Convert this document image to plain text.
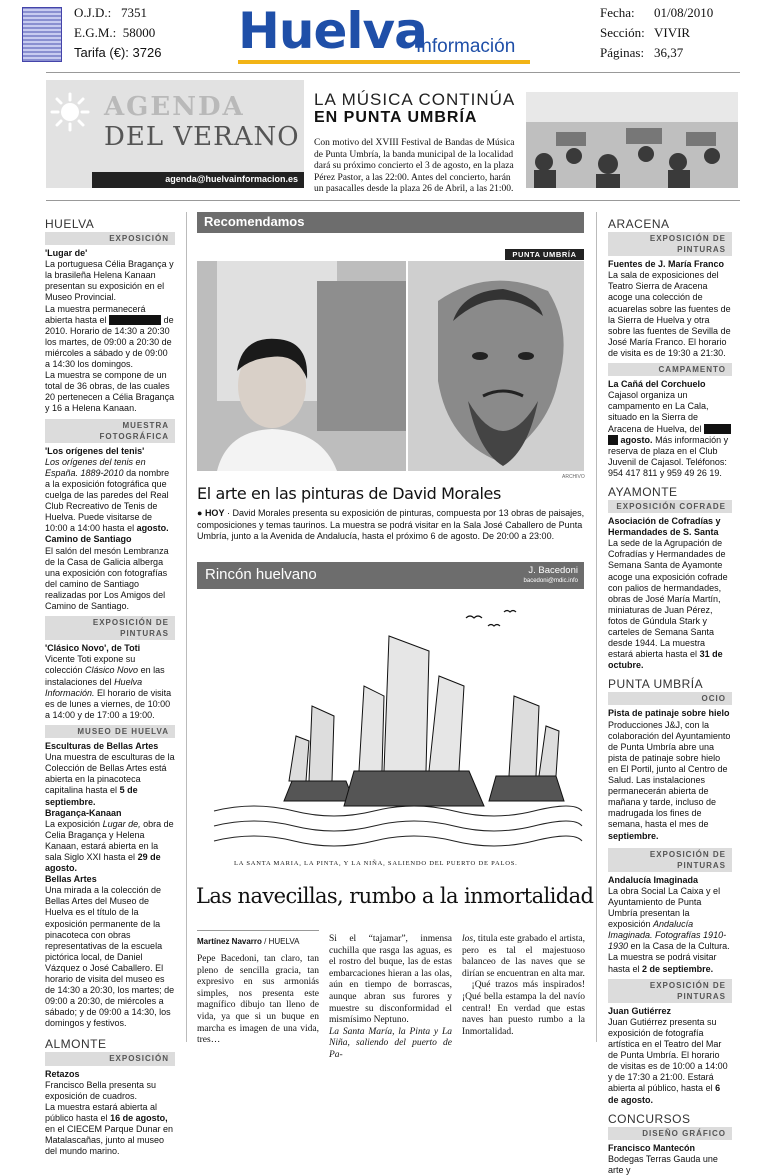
O.J.D.: 7351
E.G.M.: 58000
Tarifa (€): 3726 Huelva
Información
Fecha: 01/08/2010
Sección: VIVIR
Páginas: 36,37
AGENDA
DEL VERANO
agenda@huelvainformacion.es
LA MÚSICA CONTINÚA
EN PUNTA UMBRÍA
Con motivo del XVIII Festival de Bandas de Música de Punta Umbría, la banda municipal de la localidad dará su próximo concierto el 3 de agosto, en la plaza Pérez Pastor, a las 22:00. Antes del concierto, harán un pasacalles desde la plaza 26 de Abril, a las 21:00.
HUELVA
EXPOSICIÓN

'Lugar de'

La portuguesa Célia Bragança y la brasileña Helena Kanaan presentan su exposición en el Museo Provincial.

La muestra permanecerá abierta hasta el	de 2010. Horario de 14:30 a 20:30 los martes, de 09:00 a 20:30 de miércoles a sábado y de 09:00 a 14:30 los domingos.

La muestra se compone de un total de 36 obras, de las cuales 20 pertenecen a Célia Bragança y 16 a Helena Kanaan.

MUESTRA FOTOGRÁFICA

'Los orígenes del tenis'

Los orígenes del tenis en España. 1889-2010 da nombre a la exposición fotográfica que cuelga de las paredes del Real Club Recreativo de Tenis de Huelva. Puede visitarse de 10:00 a 14:00 hasta el agosto.

Camino de Santiago

El salón del mesón Lembranza de la Casa de Galicia alberga una exposición con fotografías del camino de Santiago realizadas por Los Amigos del Camino de Santiago.

EXPOSICIÓN DE PINTURAS

'Clásico Novo', de Toti

Vicente Toti expone su colección Clásico Novo en las instalaciones del Huelva Información. El horario de visita es de lunes a viernes, de 10:00 a 14:00 y de 17:00 a 19:00.

MUSEO DE HUELVA

Esculturas de Bellas Artes

Una muestra de esculturas de la Colección de Bellas Artes está abierta en la pinacoteca capitalina hasta el 5 de septiembre.

Bragança-Kanaan

La exposición Lugar de, obra de Celia Bragança y Helena Kanaan, estará abierta en la sala Siglo XXI hasta el 29 de agosto.

Bellas Artes

Una mirada a la colección de Bellas Artes del Museo de Huelva es el título de la exposición permanente de la pinacoteca con obras representativas de la escuela pictórica local, de Daniel Vázquez o José Caballero. El horario de visita del museo es de 14:30 a 20:30, los martes; de 09:00 a 20:30, de miércoles a sábado; y de 09:00 a 14:30, los domingos y festivos.

ALMONTE
EXPOSICIÓN

Retazos

Francisco Bella presenta su exposición de cuadros.

La muestra estará abierta al público hasta el 16 de agosto, en el CIECEM Parque Dunar en Matalascañas, junto al museo del mundo marino.

Recomendamos
PUNTA UMBRÍA
ARCHIVO
El arte en las pinturas de David Morales
● HOY · David Morales presenta su exposición de pinturas, compuesta por 13 obras de paisajes, composiciones y temas taurinos. La muestra se podrá visitar en la Sala José Caballero de Punta Umbría, junto a la Avenida de Andalucía, hasta el próximo 6 de agosto. De 20:00 a 23:00.
Rincón huelvano	J. Bacedoni
bacedoni@mdic.info
LA SANTA MARIA, LA PINTA, Y LA NIÑA, SALIENDO DEL PUERTO DE PALOS.
Las navecillas, rumbo a la inmortalidad
Martínez Navarro / HUELVA
Pepe Bacedoni, tan claro, tan pleno de sencilla gracia, tan expresivo en sus armoniás simples, nos presenta este magnífico dibujo tan lleno de vida, ya que si un buque en marcha es imagen de una vida, tres…
Si el “tajamar”, inmensa cuchilla que rasga las aguas, es el rostro del buque, las de estas embarcaciones hieran a las olas, aún en tiempo de borrascas, aunque abran sus furores y muestre su disconformidad el mismísimo Neptuno.
La Santa María, la Pinta y La Niña, saliendo del puerto de Pa-
los, titula este grabado el artista, pero es tal el majestuoso balanceo de las naves que se dirían se encuentran en alta mar.
¡Qué trazos más inspirados! ¡Qué bella estampa la del navío central! En verdad que estas naves han puesto rumbo a la Inmortalidad.
ARACENA
EXPOSICIÓN DE PINTURAS

Fuentes de J. María Franco

La sala de exposiciones del Teatro Sierra de Aracena acoge una colección de acuarelas sobre las fuentes de la Sierra de Huelva y otra sobre las fuentes de Sevilla de José María Franco. El horario de visita es de 19:30 a 21:30.

CAMPAMENTO

La Cañá del Corchuelo

Cajasol organiza un campamento en La Cala, situado en la Sierra de Aracena de Huelva, del agosto. Más información y reserva de plaza en el Club Juvenil de Cajasol. Teléfonos: 954 417 811 y 959 49 26 19.

AYAMONTE
EXPOSICIÓN COFRADE

Asociación de Cofradías y Hermandades de S. Santa

La sede de la Agrupación de Cofradías y Hermandades de Semana Santa de Ayamonte acoge una exposición cofrade con palios de hermandades, obras de José María Martín, miniaturas de Juan Pérez, fotos de Gúndula Stark y carteles de Semana Santa desde 1944. La muestra estará abierta hasta el 31 de octubre.

PUNTA UMBRÍA
OCIO

Pista de patinaje sobre hielo

Producciones J&J, con la colaboración del Ayuntamiento de Punta Umbría abre una pista de patinaje sobre hielo en El Portil, junto al Centro de Salud. Las instalaciones permanecerán abierta de mañana y tarde, incluso de madrugada los fines de semana, hasta el mes de septiembre.

EXPOSICIÓN DE PINTURAS

Andalucía Imaginada

La obra Social La Caixa y el Ayuntamiento de Punta Umbría presentan la exposición Andalucía Imaginada. Fotografías 1910-1930 en la Casa de la Cultura. La muestra se podrá visitar hasta el 2 de septiembre.

EXPOSICIÓN DE PINTURAS

Juan Gutiérrez

Juan Gutiérrez presenta su exposición de fotografía artística en el Teatro del Mar de Punta Umbría. El horario de visitas es de 10:00 a 14:00 y de 17:30 a 21:00. Estará abierta al público, hasta el 6 de agosto.

CONCURSOS
DISEÑO GRÁFICO

Francisco Mantecón

Bodegas Terras Gauda une arte y
